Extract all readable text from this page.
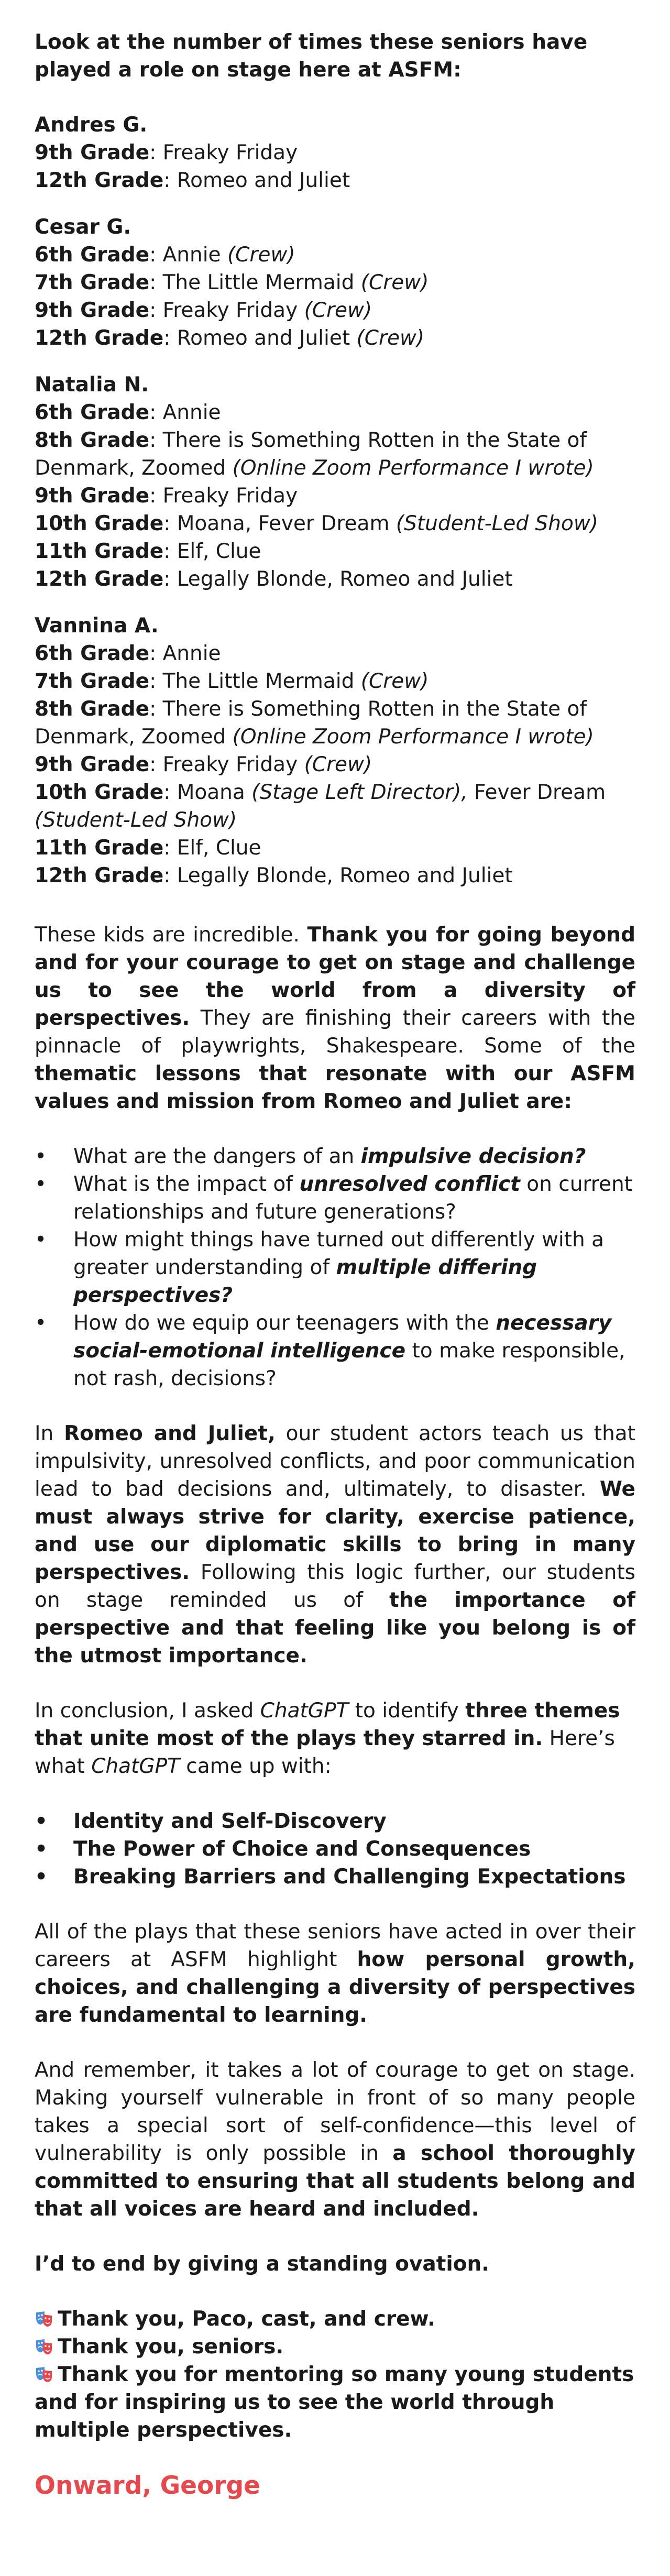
Look at the number of times these seniors have played a role on stage here at ASFM:

Andres G.

9th Grade: Freaky Friday

12th Grade: Romeo and Juliet

Cesar G.

6th Grade: Annie (Crew)

7th Grade: The Little Mermaid (Crew)

9th Grade: Freaky Friday (Crew)

12th Grade: Romeo and Juliet (Crew)

Natalia N.

6th Grade: Annie

8th Grade: There is Something Rotten in the State of Denmark, Zoomed (Online Zoom Performance I wrote)

9th Grade: Freaky Friday

10th Grade: Moana, Fever Dream (Student-Led Show)

11th Grade: Elf, Clue

12th Grade: Legally Blonde, Romeo and Juliet

Vannina A.

6th Grade: Annie

7th Grade: The Little Mermaid (Crew)

8th Grade: There is Something Rotten in the State of Denmark, Zoomed (Online Zoom Performance I wrote)

9th Grade: Freaky Friday (Crew)

10th Grade: Moana (Stage Left Director), Fever Dream (Student-Led Show)

11th Grade: Elf, Clue

12th Grade: Legally Blonde, Romeo and Juliet

These kids are incredible. Thank you for going beyond and for your courage to get on stage and challenge us to see the world from a diversity of perspectives. They are finishing their careers with the pinnacle of playwrights, Shakespeare. Some of the thematic lessons that resonate with our ASFM values and mission from Romeo and Juliet are:

• What are the dangers of an impulsive decision?
• What is the impact of unresolved conflict on current relationships and future generations?
• How might things have turned out differently with a greater understanding of multiple differing perspectives?
• How do we equip our teenagers with the necessary social-emotional intelligence to make responsible, not rash, decisions?

In Romeo and Juliet, our student actors teach us that impulsivity, unresolved conflicts, and poor communication lead to bad decisions and, ultimately, to disaster. We must always strive for clarity, exercise patience, and use our diplomatic skills to bring in many perspectives. Following this logic further, our students on stage reminded us of the importance of perspective and that feeling like you belong is of the utmost importance.

In conclusion, I asked ChatGPT to identify three themes that unite most of the plays they starred in. Here’s what ChatGPT came up with:

• Identity and Self-Discovery
• The Power of Choice and Consequences
• Breaking Barriers and Challenging Expectations

All of the plays that these seniors have acted in over their careers at ASFM highlight how personal growth, choices, and challenging a diversity of perspectives are fundamental to learning.

And remember, it takes a lot of courage to get on stage. Making yourself vulnerable in front of so many people takes a special sort of self-confidence—this level of vulnerability is only possible in a school thoroughly committed to ensuring that all students belong and that all voices are heard and included.

I’d to end by giving a standing ovation.

Thank you, Paco, cast, and crew.

Thank you, seniors.

Thank you for mentoring so many young students and for inspiring us to see the world through multiple perspectives.

Onward, George
